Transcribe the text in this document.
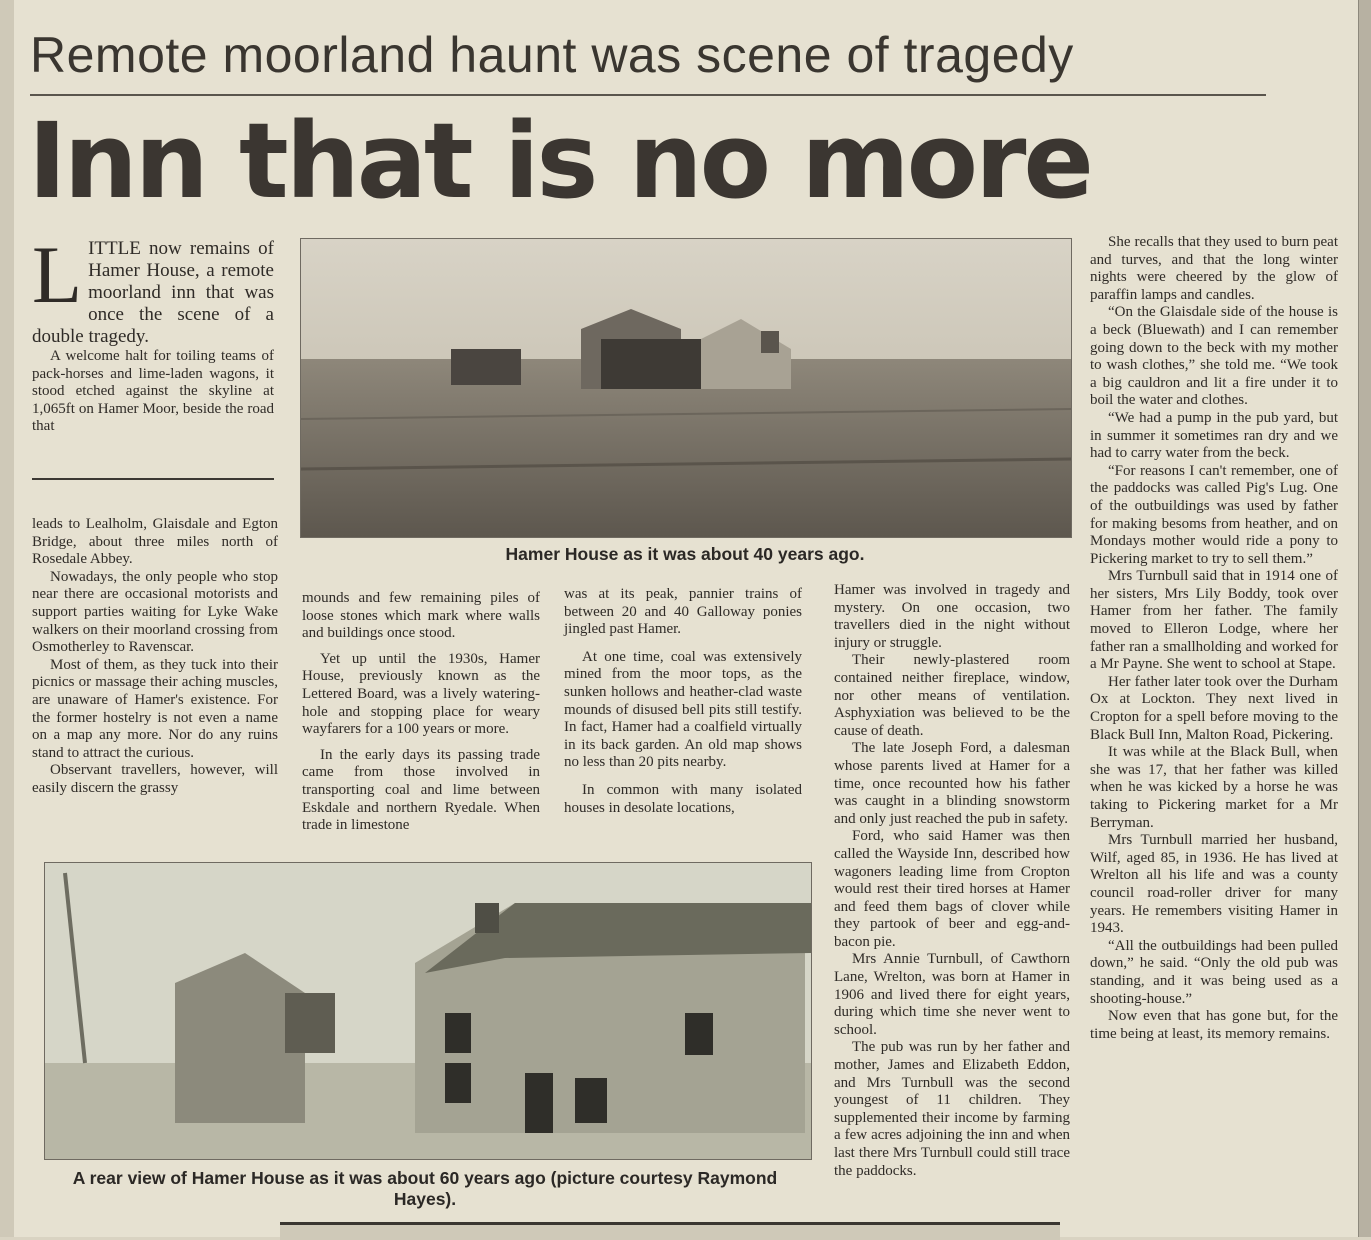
Remote moorland haunt was scene of tragedy
Inn that is no more

LITTLE now remains of Hamer House, a remote moorland inn that was once the scene of a double tragedy.

A welcome halt for toiling teams of pack-horses and lime-laden wagons, it stood etched against the skyline at 1,065ft on Hamer Moor, beside the road that

Hamer House as it was about 40 years ago.

leads to Lealholm, Glaisdale and Egton Bridge, about three miles north of Rosedale Abbey.

Nowadays, the only people who stop near there are occasional motorists and support parties waiting for Lyke Wake walkers on their moorland crossing from Osmotherley to Ravenscar.

Most of them, as they tuck into their picnics or massage their aching muscles, are unaware of Hamer's existence. For the former hostelry is not even a name on a map any more. Nor do any ruins stand to attract the curious.

Observant travellers, however, will easily discern the grassy

mounds and few remaining piles of loose stones which mark where walls and buildings once stood.

Yet up until the 1930s, Hamer House, previously known as the Lettered Board, was a lively watering-hole and stopping place for weary wayfarers for a 100 years or more.

In the early days its passing trade came from those involved in transporting coal and lime between Eskdale and northern Ryedale. When trade in limestone

was at its peak, pannier trains of between 20 and 40 Galloway ponies jingled past Hamer.

At one time, coal was extensively mined from the moor tops, as the sunken hollows and heather-clad waste mounds of disused bell pits still testify. In fact, Hamer had a coalfield virtually in its back garden. An old map shows no less than 20 pits nearby.

In common with many isolated houses in desolate locations,

A rear view of Hamer House as it was about 60 years ago (picture courtesy Raymond Hayes).

Hamer was involved in tragedy and mystery. On one occasion, two travellers died in the night without injury or struggle.

Their newly-plastered room contained neither fireplace, window, nor other means of ventilation. Asphyxiation was believed to be the cause of death.

The late Joseph Ford, a dalesman whose parents lived at Hamer for a time, once recounted how his father was caught in a blinding snowstorm and only just reached the pub in safety.

Ford, who said Hamer was then called the Wayside Inn, described how wagoners leading lime from Cropton would rest their tired horses at Hamer and feed them bags of clover while they partook of beer and egg-and-bacon pie.

Mrs Annie Turnbull, of Cawthorn Lane, Wrelton, was born at Hamer in 1906 and lived there for eight years, during which time she never went to school.

The pub was run by her father and mother, James and Elizabeth Eddon, and Mrs Turnbull was the second youngest of 11 children. They supplemented their income by farming a few acres adjoining the inn and when last there Mrs Turnbull could still trace the paddocks.

She recalls that they used to burn peat and turves, and that the long winter nights were cheered by the glow of paraffin lamps and candles.

“On the Glaisdale side of the house is a beck (Bluewath) and I can remember going down to the beck with my mother to wash clothes,” she told me. “We took a big cauldron and lit a fire under it to boil the water and clothes.

“We had a pump in the pub yard, but in summer it sometimes ran dry and we had to carry water from the beck.

“For reasons I can't remember, one of the paddocks was called Pig's Lug. One of the outbuildings was used by father for making besoms from heather, and on Mondays mother would ride a pony to Pickering market to try to sell them.”

Mrs Turnbull said that in 1914 one of her sisters, Mrs Lily Boddy, took over Hamer from her father. The family moved to Elleron Lodge, where her father ran a smallholding and worked for a Mr Payne. She went to school at Stape.

Her father later took over the Durham Ox at Lockton. They next lived in Cropton for a spell before moving to the Black Bull Inn, Malton Road, Pickering.

It was while at the Black Bull, when she was 17, that her father was killed when he was kicked by a horse he was taking to Pickering market for a Mr Berryman.

Mrs Turnbull married her husband, Wilf, aged 85, in 1936. He has lived at Wrelton all his life and was a county council road-roller driver for many years. He remembers visiting Hamer in 1943.

“All the outbuildings had been pulled down,” he said. “Only the old pub was standing, and it was being used as a shooting-house.”

Now even that has gone but, for the time being at least, its memory remains.
